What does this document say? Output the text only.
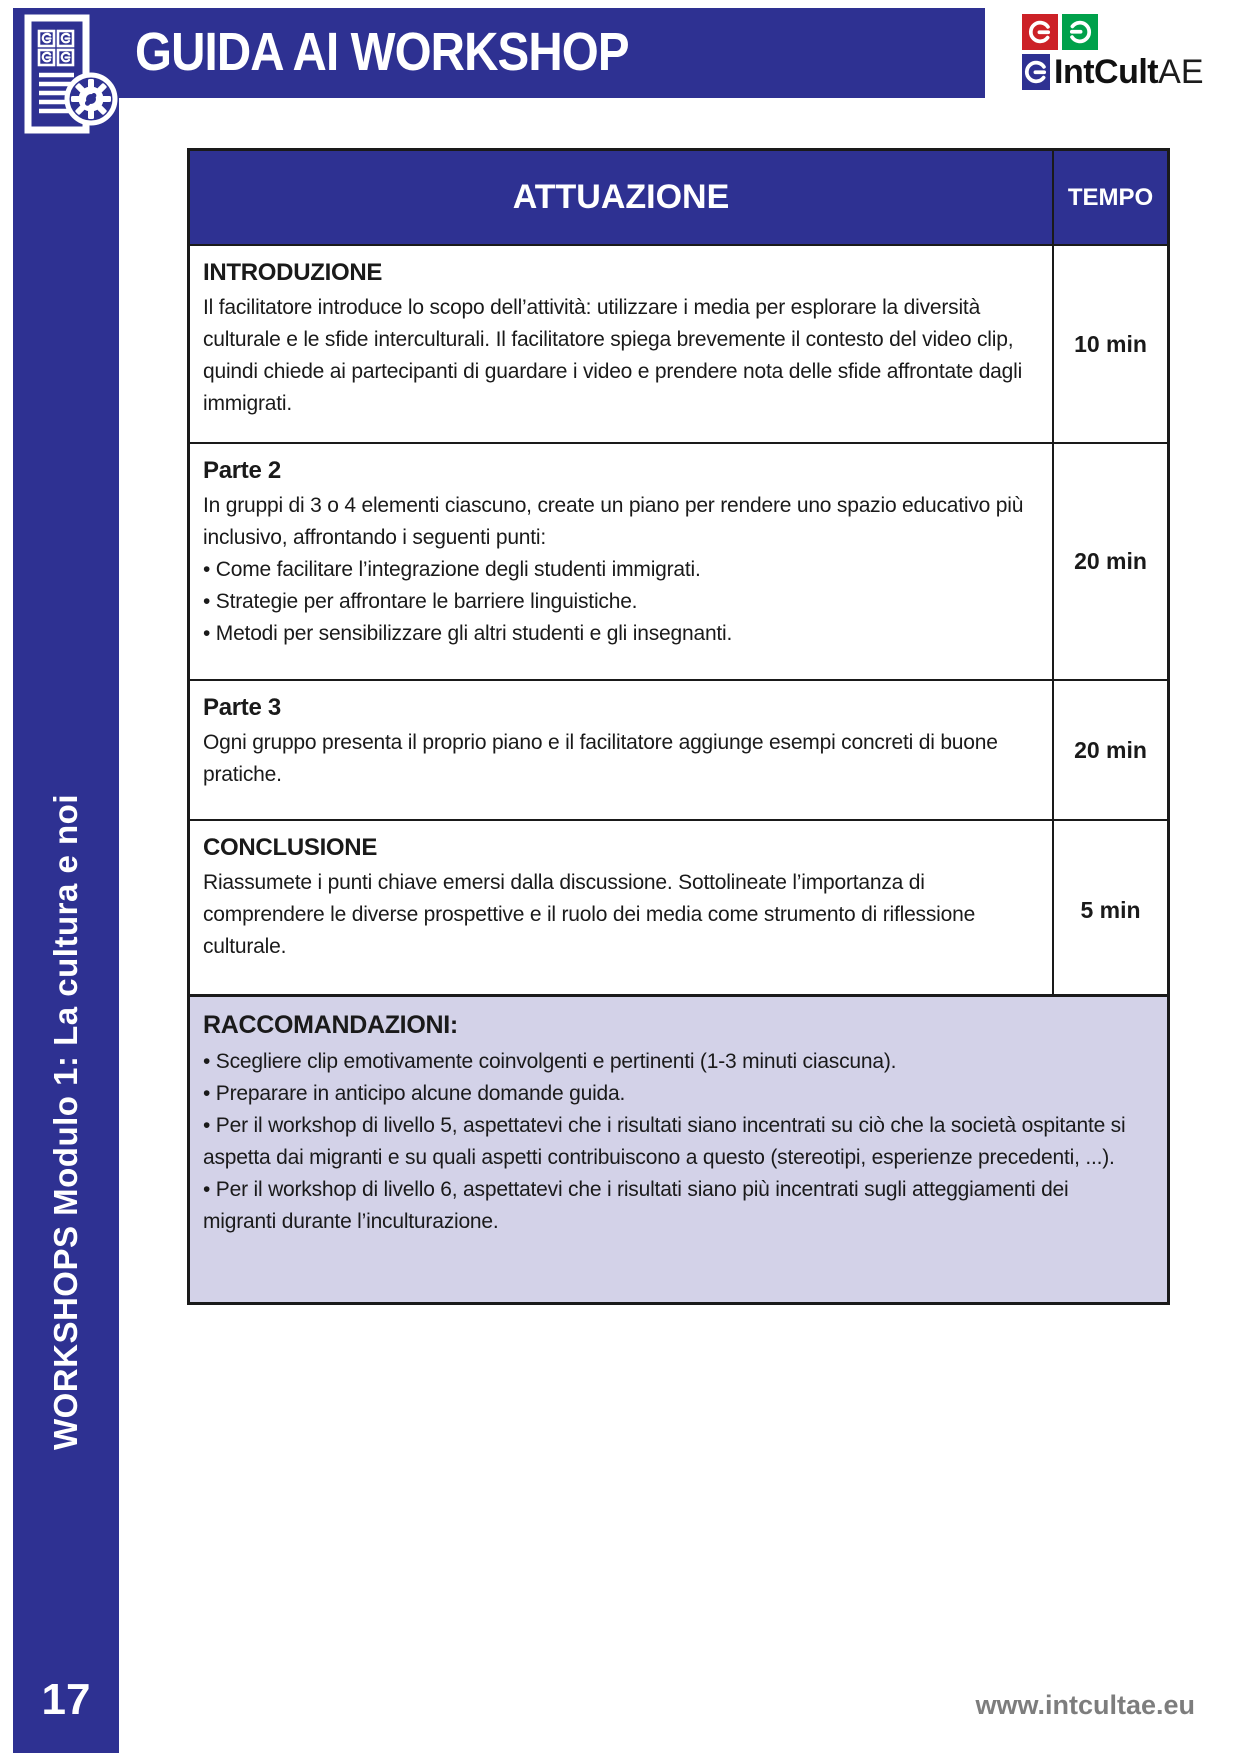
GUIDA AI WORKSHOP
WORKSHOPS Modulo 1: La cultura e noi
17
IntCult AE
ATTUAZIONE	TEMPO
INTRODUZIONE
Il facilitatore introduce lo scopo dell’attività: utilizzare i media per esplorare la diversità culturale e le sfide interculturali. Il facilitatore spiega brevemente il contesto del video clip, quindi chiede ai partecipanti di guardare i video e prendere nota delle sfide affrontate dagli immigrati.
10 min
Parte 2
In gruppi di 3 o 4 elementi ciascuno, create un piano per rendere uno spazio educativo più inclusivo, affrontando i seguenti punti:
• Come facilitare l’integrazione degli studenti immigrati.
• Strategie per affrontare le barriere linguistiche.
• Metodi per sensibilizzare gli altri studenti e gli insegnanti.
20 min
Parte 3
Ogni gruppo presenta il proprio piano e il facilitatore aggiunge esempi concreti di buone pratiche.
20 min
CONCLUSIONE
Riassumete i punti chiave emersi dalla discussione. Sottolineate l’importanza di comprendere le diverse prospettive e il ruolo dei media come strumento di riflessione culturale.
5 min
RACCOMANDAZIONI:
• Scegliere clip emotivamente coinvolgenti e pertinenti (1-3 minuti ciascuna).
• Preparare in anticipo alcune domande guida.
• Per il workshop di livello 5, aspettatevi che i risultati siano incentrati su ciò che la società ospitante si aspetta dai migranti e su quali aspetti contribuiscono a questo (stereotipi, esperienze precedenti, ...).
• Per il workshop di livello 6, aspettatevi che i risultati siano più incentrati sugli atteggiamenti dei migranti durante l’inculturazione.
www.intcultae.eu
